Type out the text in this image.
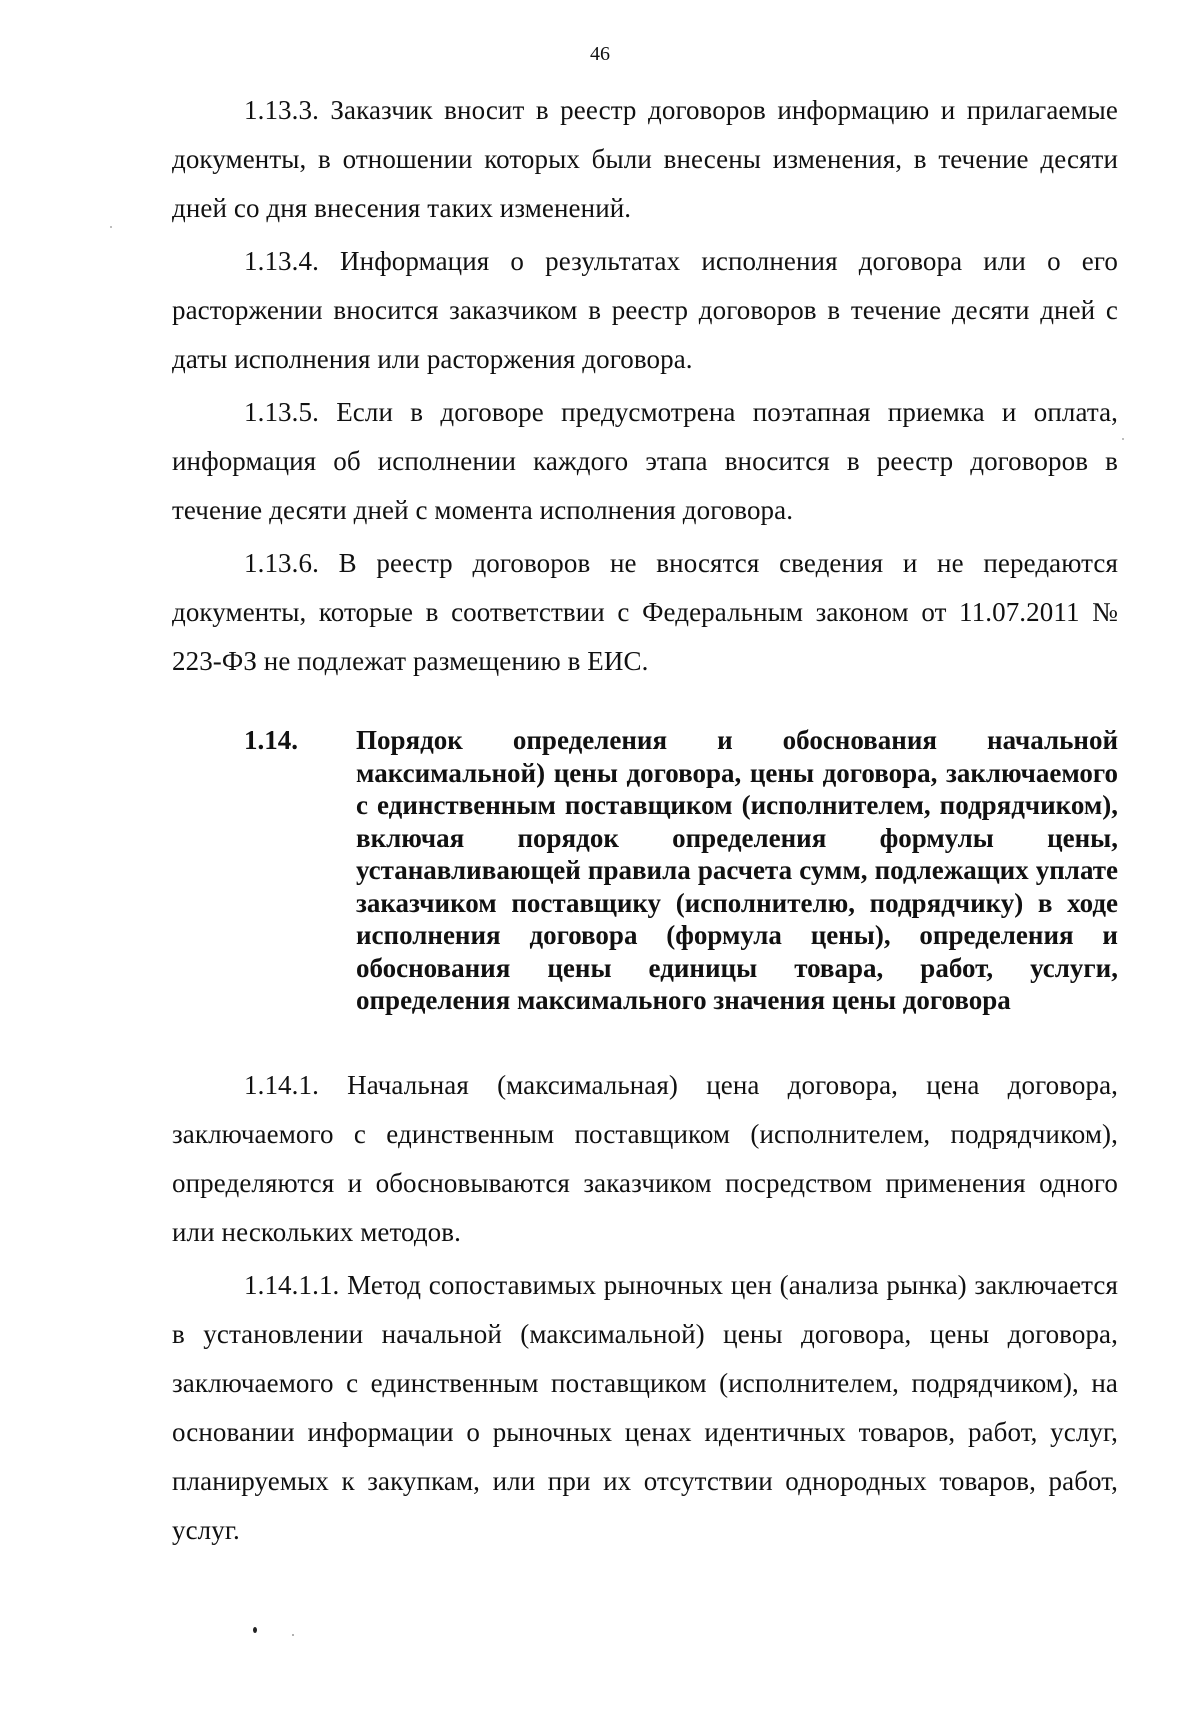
46

1.13.3. Заказчик вносит в реестр договоров информацию и прилагаемые документы, в отношении которых были внесены изменения, в течение десяти дней со дня внесения таких изменений.

1.13.4. Информация о результатах исполнения договора или о его расторжении вносится заказчиком в реестр договоров в течение десяти дней с даты исполнения или расторжения договора.

1.13.5. Если в договоре предусмотрена поэтапная приемка и оплата, информация об исполнении каждого этапа вносится в реестр договоров в течение десяти дней с момента исполнения договора.

1.13.6. В реестр договоров не вносятся сведения и не передаются документы, которые в соответствии с Федеральным законом от 11.07.2011 № 223-ФЗ не подлежат размещению в ЕИС.

1.14.	Порядок определения и обоснования начальной максимальной) цены договора, цены договора, заключаемого с единственным поставщиком (исполнителем, подрядчиком), включая порядок определения формулы цены, устанавливающей правила расчета сумм, подлежащих уплате заказчиком поставщику (исполнителю, подрядчику) в ходе исполнения договора (формула цены), определения и обоснования цены единицы товара, работ, услуги, определения максимального значения цены договора

1.14.1. Начальная (максимальная) цена договора, цена договора, заключаемого с единственным поставщиком (исполнителем, подрядчиком), определяются и обосновываются заказчиком посредством применения одного или нескольких методов.

1.14.1.1. Метод сопоставимых рыночных цен (анализа рынка) заключается в установлении начальной (максимальной) цены договора, цены договора, заключаемого с единственным поставщиком (исполнителем, подрядчиком), на основании информации о рыночных ценах идентичных товаров, работ, услуг, планируемых к закупкам, или при их отсутствии однородных товаров, работ, услуг.
